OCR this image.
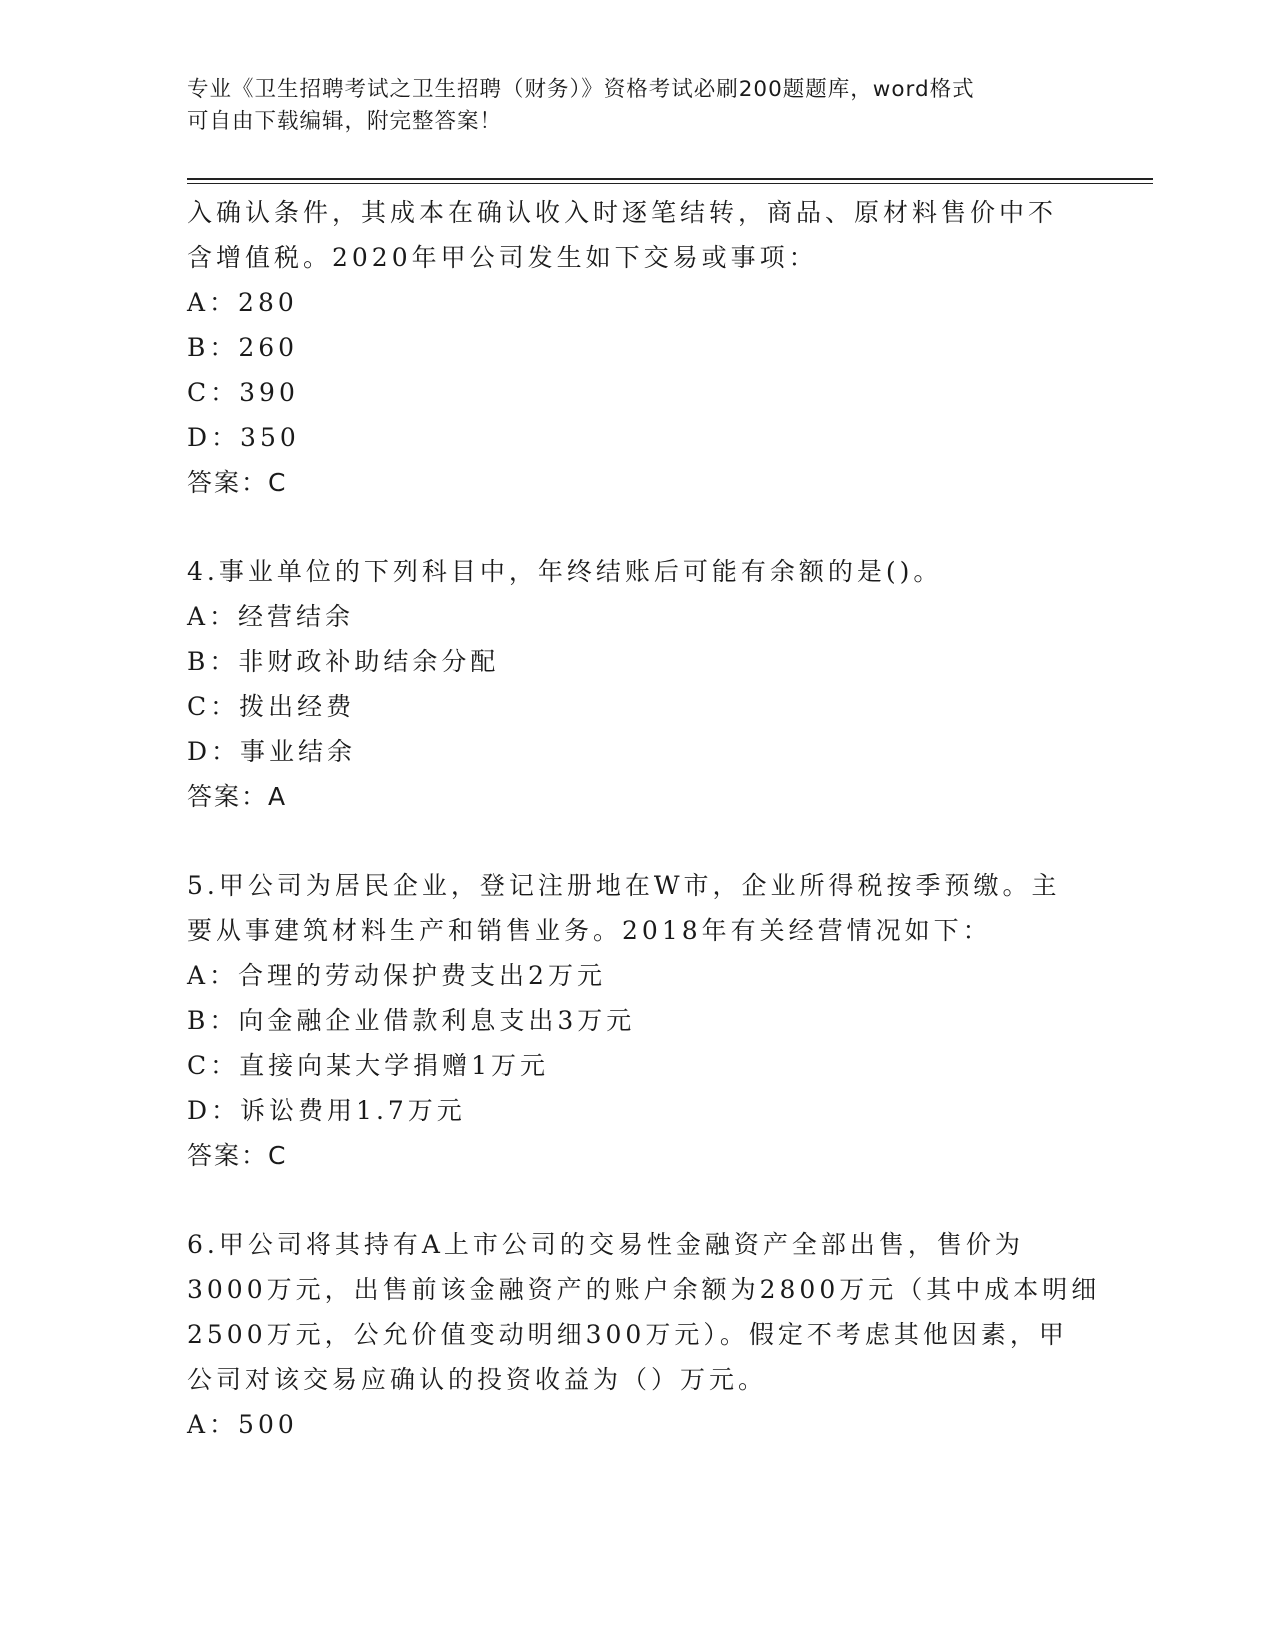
专业《卫生招聘考试之卫生招聘（财务）》资格考试必刷200题题库，word格式
可自由下载编辑，附完整答案！
入确认条件，其成本在确认收入时逐笔结转，商品、原材料售价中不
含增值税。2020年甲公司发生如下交易或事项：
A：280
B：260
C：390
D：350
答案：C
4.事业单位的下列科目中，年终结账后可能有余额的是()。
A：经营结余
B：非财政补助结余分配
C：拨出经费
D：事业结余
答案：A
5.甲公司为居民企业，登记注册地在W市，企业所得税按季预缴。主
要从事建筑材料生产和销售业务。2018年有关经营情况如下：
A：合理的劳动保护费支出2万元
B：向金融企业借款利息支出3万元
C：直接向某大学捐赠1万元
D：诉讼费用1.7万元
答案：C
6.甲公司将其持有A上市公司的交易性金融资产全部出售，售价为
3000万元，出售前该金融资产的账户余额为2800万元（其中成本明细
2500万元，公允价值变动明细300万元）。假定不考虑其他因素，甲
公司对该交易应确认的投资收益为（）万元。
A：500
